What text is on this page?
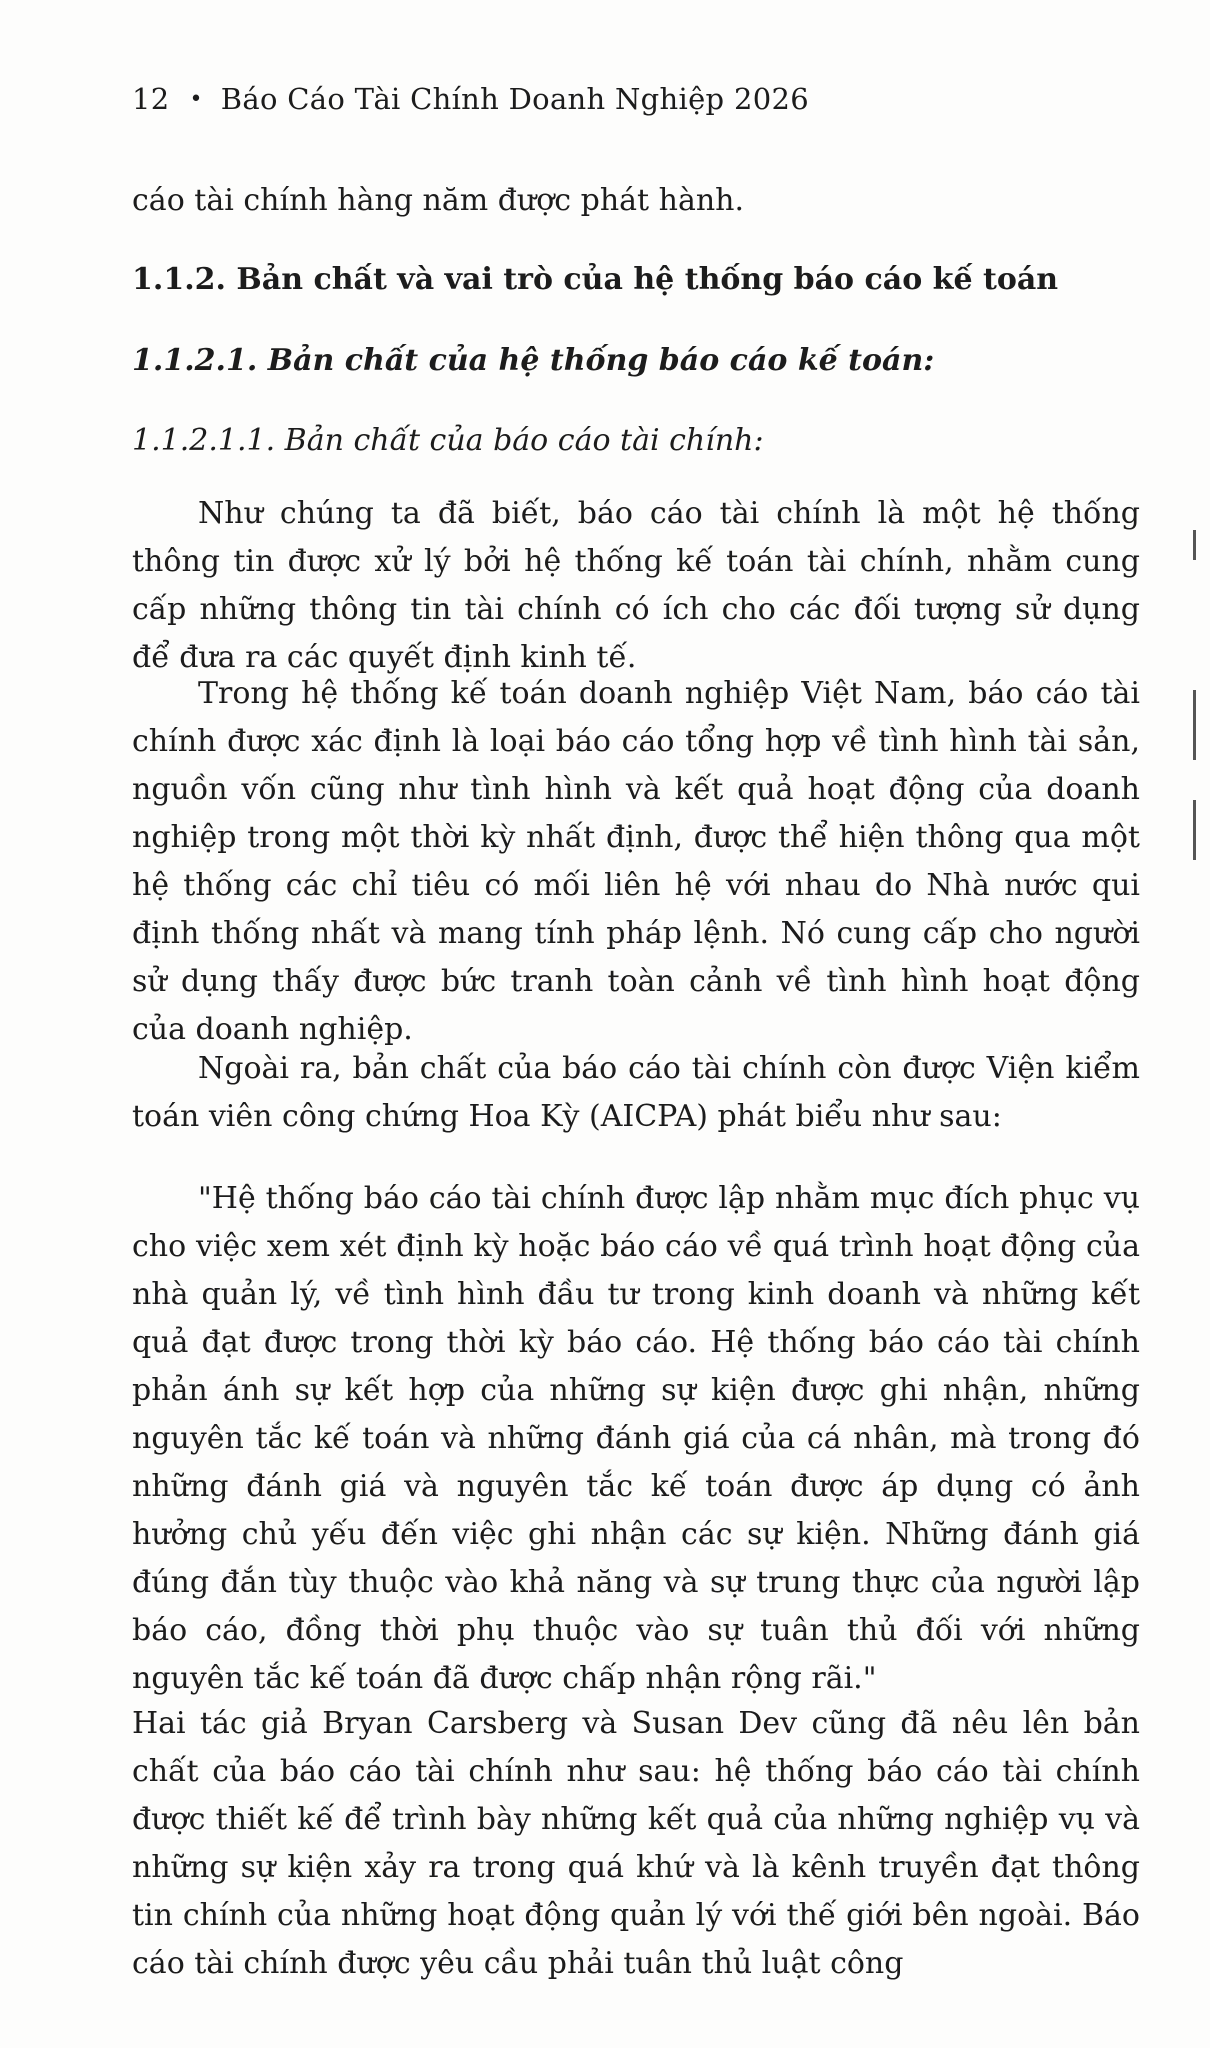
12 • Báo Cáo Tài Chính Doanh Nghiệp 2026
cáo tài chính hàng năm được phát hành.
1.1.2. Bản chất và vai trò của hệ thống báo cáo kế toán
1.1.2.1. Bản chất của hệ thống báo cáo kế toán:
1.1.2.1.1. Bản chất của báo cáo tài chính:

Như chúng ta đã biết, báo cáo tài chính là một hệ thống thông tin được xử lý bởi hệ thống kế toán tài chính, nhằm cung cấp những thông tin tài chính có ích cho các đối tượng sử dụng để đưa ra các quyết định kinh tế.

Trong hệ thống kế toán doanh nghiệp Việt Nam, báo cáo tài chính được xác định là loại báo cáo tổng hợp về tình hình tài sản, nguồn vốn cũng như tình hình và kết quả hoạt động của doanh nghiệp trong một thời kỳ nhất định, được thể hiện thông qua một hệ thống các chỉ tiêu có mối liên hệ với nhau do Nhà nước qui định thống nhất và mang tính pháp lệnh. Nó cung cấp cho người sử dụng thấy được bức tranh toàn cảnh về tình hình hoạt động của doanh nghiệp.

Ngoài ra, bản chất của báo cáo tài chính còn được Viện kiểm toán viên công chứng Hoa Kỳ (AICPA) phát biểu như sau:

"Hệ thống báo cáo tài chính được lập nhằm mục đích phục vụ cho việc xem xét định kỳ hoặc báo cáo về quá trình hoạt động của nhà quản lý, về tình hình đầu tư trong kinh doanh và những kết quả đạt được trong thời kỳ báo cáo. Hệ thống báo cáo tài chính phản ánh sự kết hợp của những sự kiện được ghi nhận, những nguyên tắc kế toán và những đánh giá của cá nhân, mà trong đó những đánh giá và nguyên tắc kế toán được áp dụng có ảnh hưởng chủ yếu đến việc ghi nhận các sự kiện. Những đánh giá đúng đắn tùy thuộc vào khả năng và sự trung thực của người lập báo cáo, đồng thời phụ thuộc vào sự tuân thủ đối với những nguyên tắc kế toán đã được chấp nhận rộng rãi."

Hai tác giả Bryan Carsberg và Susan Dev cũng đã nêu lên bản chất của báo cáo tài chính như sau: hệ thống báo cáo tài chính được thiết kế để trình bày những kết quả của những nghiệp vụ và những sự kiện xảy ra trong quá khứ và là kênh truyền đạt thông tin chính của những hoạt động quản lý với thế giới bên ngoài. Báo cáo tài chính được yêu cầu phải tuân thủ luật công
